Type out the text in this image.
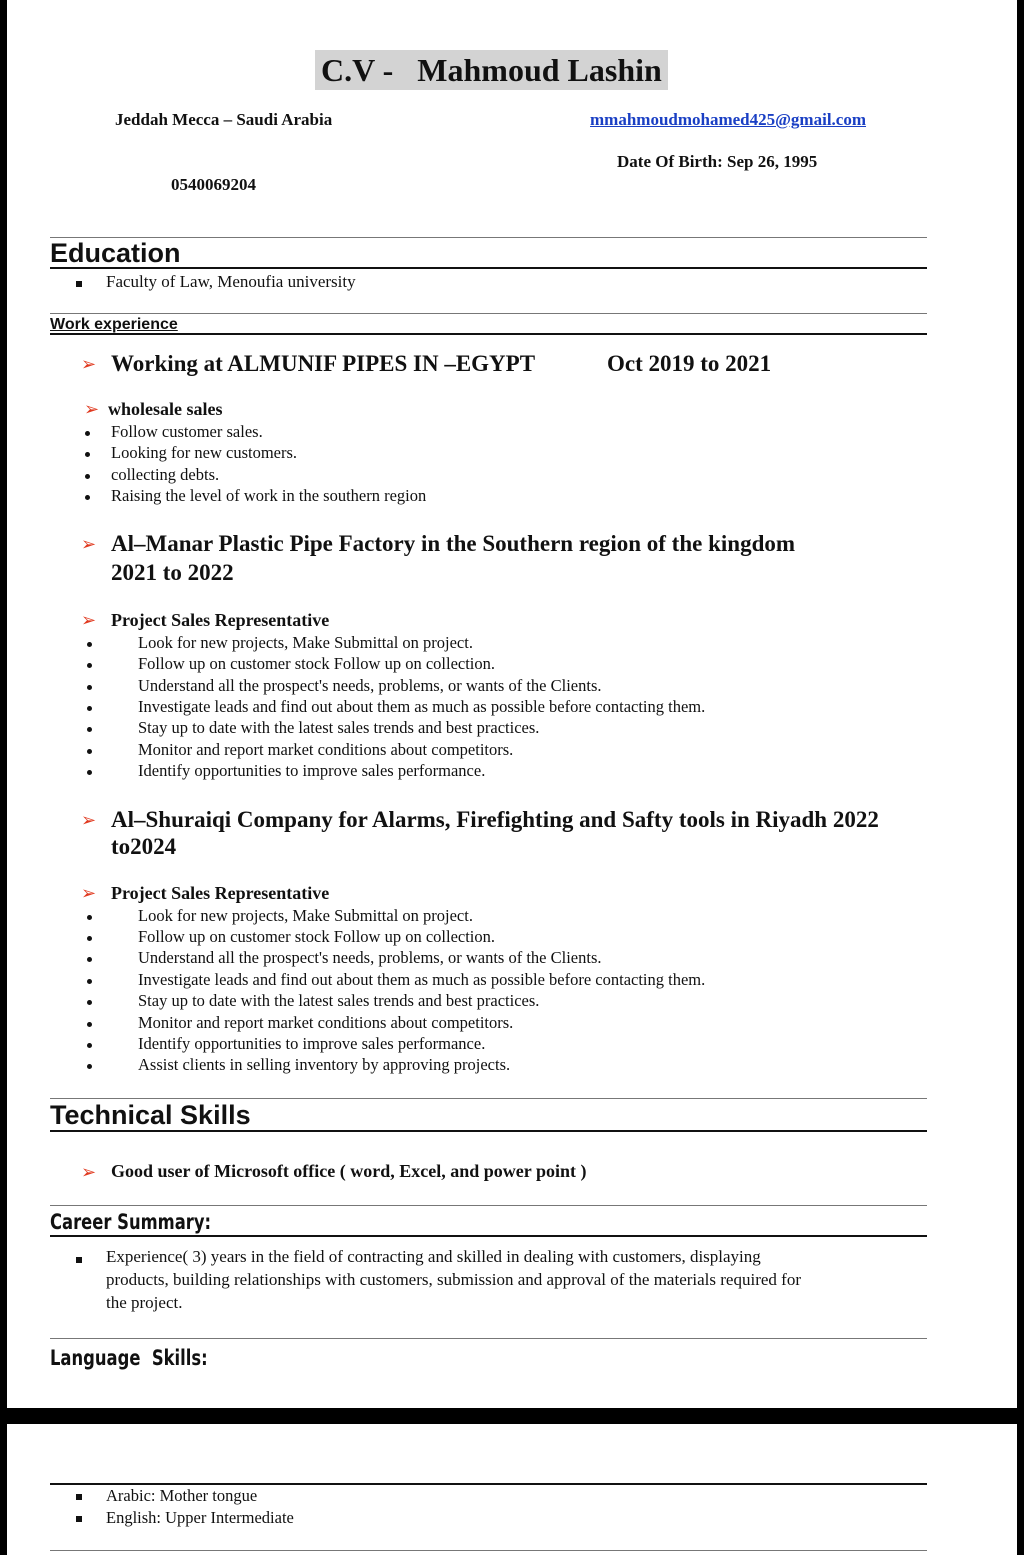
C.V - Mahmoud Lashin
Jeddah Mecca – Saudi Arabia	mmahmoudmohamed425@gmail.com
Date Of Birth: Sep 26, 1995
0540069204
Education
Faculty of Law, Menoufia university
Work experience
➢ Working at ALMUNIF PIPES IN –EGYPT	Oct 2019 to 2021
➢ wholesale sales
Follow customer sales.
Looking for new customers.
collecting debts.
Raising the level of work in the southern region
➢ Al–Manar Plastic Pipe Factory in the Southern region of the kingdom
2021 to 2022
➢ Project Sales Representative
Look for new projects, Make Submittal on project.
Follow up on customer stock Follow up on collection.
Understand all the prospect's needs, problems, or wants of the Clients.
Investigate leads and find out about them as much as possible before contacting them.
Stay up to date with the latest sales trends and best practices.
Monitor and report market conditions about competitors.
Identify opportunities to improve sales performance.
➢ Al–Shuraiqi Company for Alarms, Firefighting and Safty tools in Riyadh 2022
to2024
➢ Project Sales Representative
Look for new projects, Make Submittal on project.
Follow up on customer stock Follow up on collection.
Understand all the prospect's needs, problems, or wants of the Clients.
Investigate leads and find out about them as much as possible before contacting them.
Stay up to date with the latest sales trends and best practices.
Monitor and report market conditions about competitors.
Identify opportunities to improve sales performance.
Assist clients in selling inventory by approving projects.
Technical Skills
➢ Good user of Microsoft office ( word, Excel, and power point )
Career Summary:
Experience( 3) years in the field of contracting and skilled in dealing with customers, displaying
products, building relationships with customers, submission and approval of the materials required for
the project.
Language Skills:
Arabic: Mother tongue
English: Upper Intermediate
